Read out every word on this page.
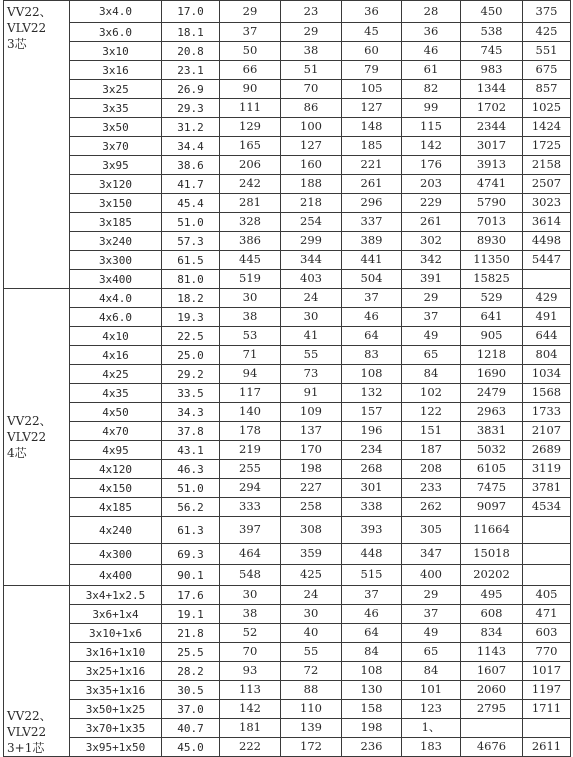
VV22、
VLV22
3芯	3x4.0	17.0	29	23	36	28	450	375
	3x6.0	18.1	37	29	45	36	538	425
	3x10	20.8	50	38	60	46	745	551
	3x16	23.1	66	51	79	61	983	675
	3x25	26.9	90	70	105	82	1344	857
	3x35	29.3	111	86	127	99	1702	1025
	3x50	31.2	129	100	148	115	2344	1424
	3x70	34.4	165	127	185	142	3017	1725
	3x95	38.6	206	160	221	176	3913	2158
	3x120	41.7	242	188	261	203	4741	2507
	3x150	45.4	281	218	296	229	5790	3023
	3x185	51.0	328	254	337	261	7013	3614
	3x240	57.3	386	299	389	302	8930	4498
	3x300	61.5	445	344	441	342	11350	5447
	3x400	81.0	519	403	504	391	15825	

VV22、
VLV22
4芯	4x4.0	18.2	30	24	37	29	529	429
	4x6.0	19.3	38	30	46	37	641	491
	4x10	22.5	53	41	64	49	905	644
	4x16	25.0	71	55	83	65	1218	804
	4x25	29.2	94	73	108	84	1690	1034
	4x35	33.5	117	91	132	102	2479	1568
	4x50	34.3	140	109	157	122	2963	1733
	4x70	37.8	178	137	196	151	3831	2107
	4x95	43.1	219	170	234	187	5032	2689
	4x120	46.3	255	198	268	208	6105	3119
	4x150	51.0	294	227	301	233	7475	3781
	4x185	56.2	333	258	338	262	9097	4534
	4x240	61.3	397	308	393	305	11664	
	4x300	69.3	464	359	448	347	15018	
	4x400	90.1	548	425	515	400	20202	

VV22、
VLV22
3+1芯	3x4+1x2.5	17.6	30	24	37	29	495	405
	3x6+1x4	19.1	38	30	46	37	608	471
	3x10+1x6	21.8	52	40	64	49	834	603
	3x16+1x10	25.5	70	55	84	65	1143	770
	3x25+1x16	28.2	93	72	108	84	1607	1017
	3x35+1x16	30.5	113	88	130	101	2060	1197
	3x50+1x25	37.0	142	110	158	123	2795	1711
	3x70+1x35	40.7	181	139	198	1、		
	3x95+1x50	45.0	222	172	236	183	4676	2611
